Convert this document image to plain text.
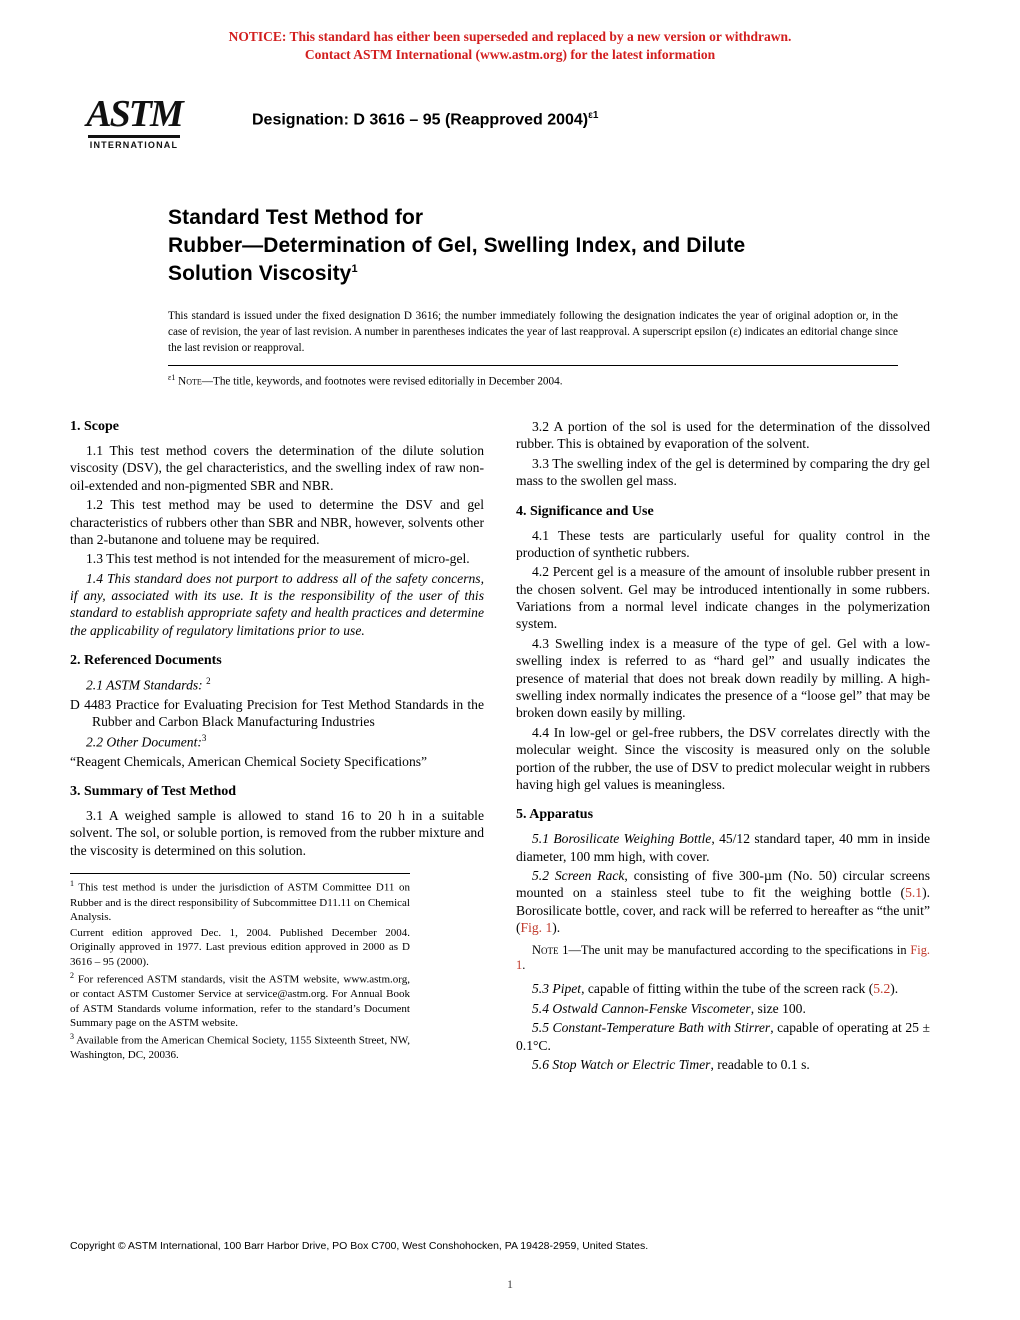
NOTICE: This standard has either been superseded and replaced by a new version or withdrawn.
Contact ASTM International (www.astm.org) for the latest information
ASTM
INTERNATIONAL
Designation: D 3616 – 95 (Reapproved 2004)$^{\varepsilon 1}$
Standard Test Method for
Rubber—Determination of Gel, Swelling Index, and Dilute
Solution Viscosity$^1$
This standard is issued under the fixed designation D 3616; the number immediately following the designation indicates the year of original adoption or, in the case of revision, the year of last revision. A number in parentheses indicates the year of last reapproval. A superscript epsilon (ε) indicates an editorial change since the last revision or reapproval.
$^{\varepsilon 1}$ Note—The title, keywords, and footnotes were revised editorially in December 2004.
1. Scope

1.1 This test method covers the determination of the dilute solution viscosity (DSV), the gel characteristics, and the swelling index of raw non-oil-extended and non-pigmented SBR and NBR.

1.2 This test method may be used to determine the DSV and gel characteristics of rubbers other than SBR and NBR, however, solvents other than 2-butanone and toluene may be required.

1.3 This test method is not intended for the measurement of micro-gel.

1.4 This standard does not purport to address all of the safety concerns, if any, associated with its use. It is the responsibility of the user of this standard to establish appropriate safety and health practices and determine the applicability of regulatory limitations prior to use.

2. Referenced Documents

2.1 ASTM Standards: $^2$

D 4483 Practice for Evaluating Precision for Test Method Standards in the Rubber and Carbon Black Manufacturing Industries

2.2 Other Document:$^3$

“Reagent Chemicals, American Chemical Society Specifications”

3. Summary of Test Method

3.1 A weighed sample is allowed to stand 16 to 20 h in a suitable solvent. The sol, or soluble portion, is removed from the rubber mixture and the viscosity is determined on this solution.

$^1$ This test method is under the jurisdiction of ASTM Committee D11 on Rubber and is the direct responsibility of Subcommittee D11.11 on Chemical Analysis.

Current edition approved Dec. 1, 2004. Published December 2004. Originally approved in 1977. Last previous edition approved in 2000 as D 3616 – 95 (2000).

$^2$ For referenced ASTM standards, visit the ASTM website, www.astm.org, or contact ASTM Customer Service at service@astm.org. For Annual Book of ASTM Standards volume information, refer to the standard’s Document Summary page on the ASTM website.

$^3$ Available from the American Chemical Society, 1155 Sixteenth Street, NW, Washington, DC, 20036.

3.2 A portion of the sol is used for the determination of the dissolved rubber. This is obtained by evaporation of the solvent.

3.3 The swelling index of the gel is determined by comparing the dry gel mass to the swollen gel mass.

4. Significance and Use

4.1 These tests are particularly useful for quality control in the production of synthetic rubbers.

4.2 Percent gel is a measure of the amount of insoluble rubber present in the chosen solvent. Gel may be introduced intentionally in some rubbers. Variations from a normal level indicate changes in the polymerization system.

4.3 Swelling index is a measure of the type of gel. Gel with a low-swelling index is referred to as “hard gel” and usually indicates the presence of material that does not break down readily by milling. A high-swelling index normally indicates the presence of a “loose gel” that may be broken down easily by milling.

4.4 In low-gel or gel-free rubbers, the DSV correlates directly with the molecular weight. Since the viscosity is measured only on the soluble portion of the rubber, the use of DSV to predict molecular weight in rubbers having high gel values is meaningless.

5. Apparatus

5.1 Borosilicate Weighing Bottle, 45/12 standard taper, 40 mm in inside diameter, 100 mm high, with cover.

5.2 Screen Rack, consisting of five 300-µm (No. 50) circular screens mounted on a stainless steel tube to fit the weighing bottle (5.1). Borosilicate bottle, cover, and rack will be referred to hereafter as “the unit” (Fig. 1).

Note 1—The unit may be manufactured according to the specifications in Fig. 1.

5.3 Pipet, capable of fitting within the tube of the screen rack (5.2).

5.4 Ostwald Cannon-Fenske Viscometer, size 100.

5.5 Constant-Temperature Bath with Stirrer, capable of operating at 25 ± 0.1°C.

5.6 Stop Watch or Electric Timer, readable to 0.1 s.

Copyright © ASTM International, 100 Barr Harbor Drive, PO Box C700, West Conshohocken, PA 19428-2959, United States.
1
